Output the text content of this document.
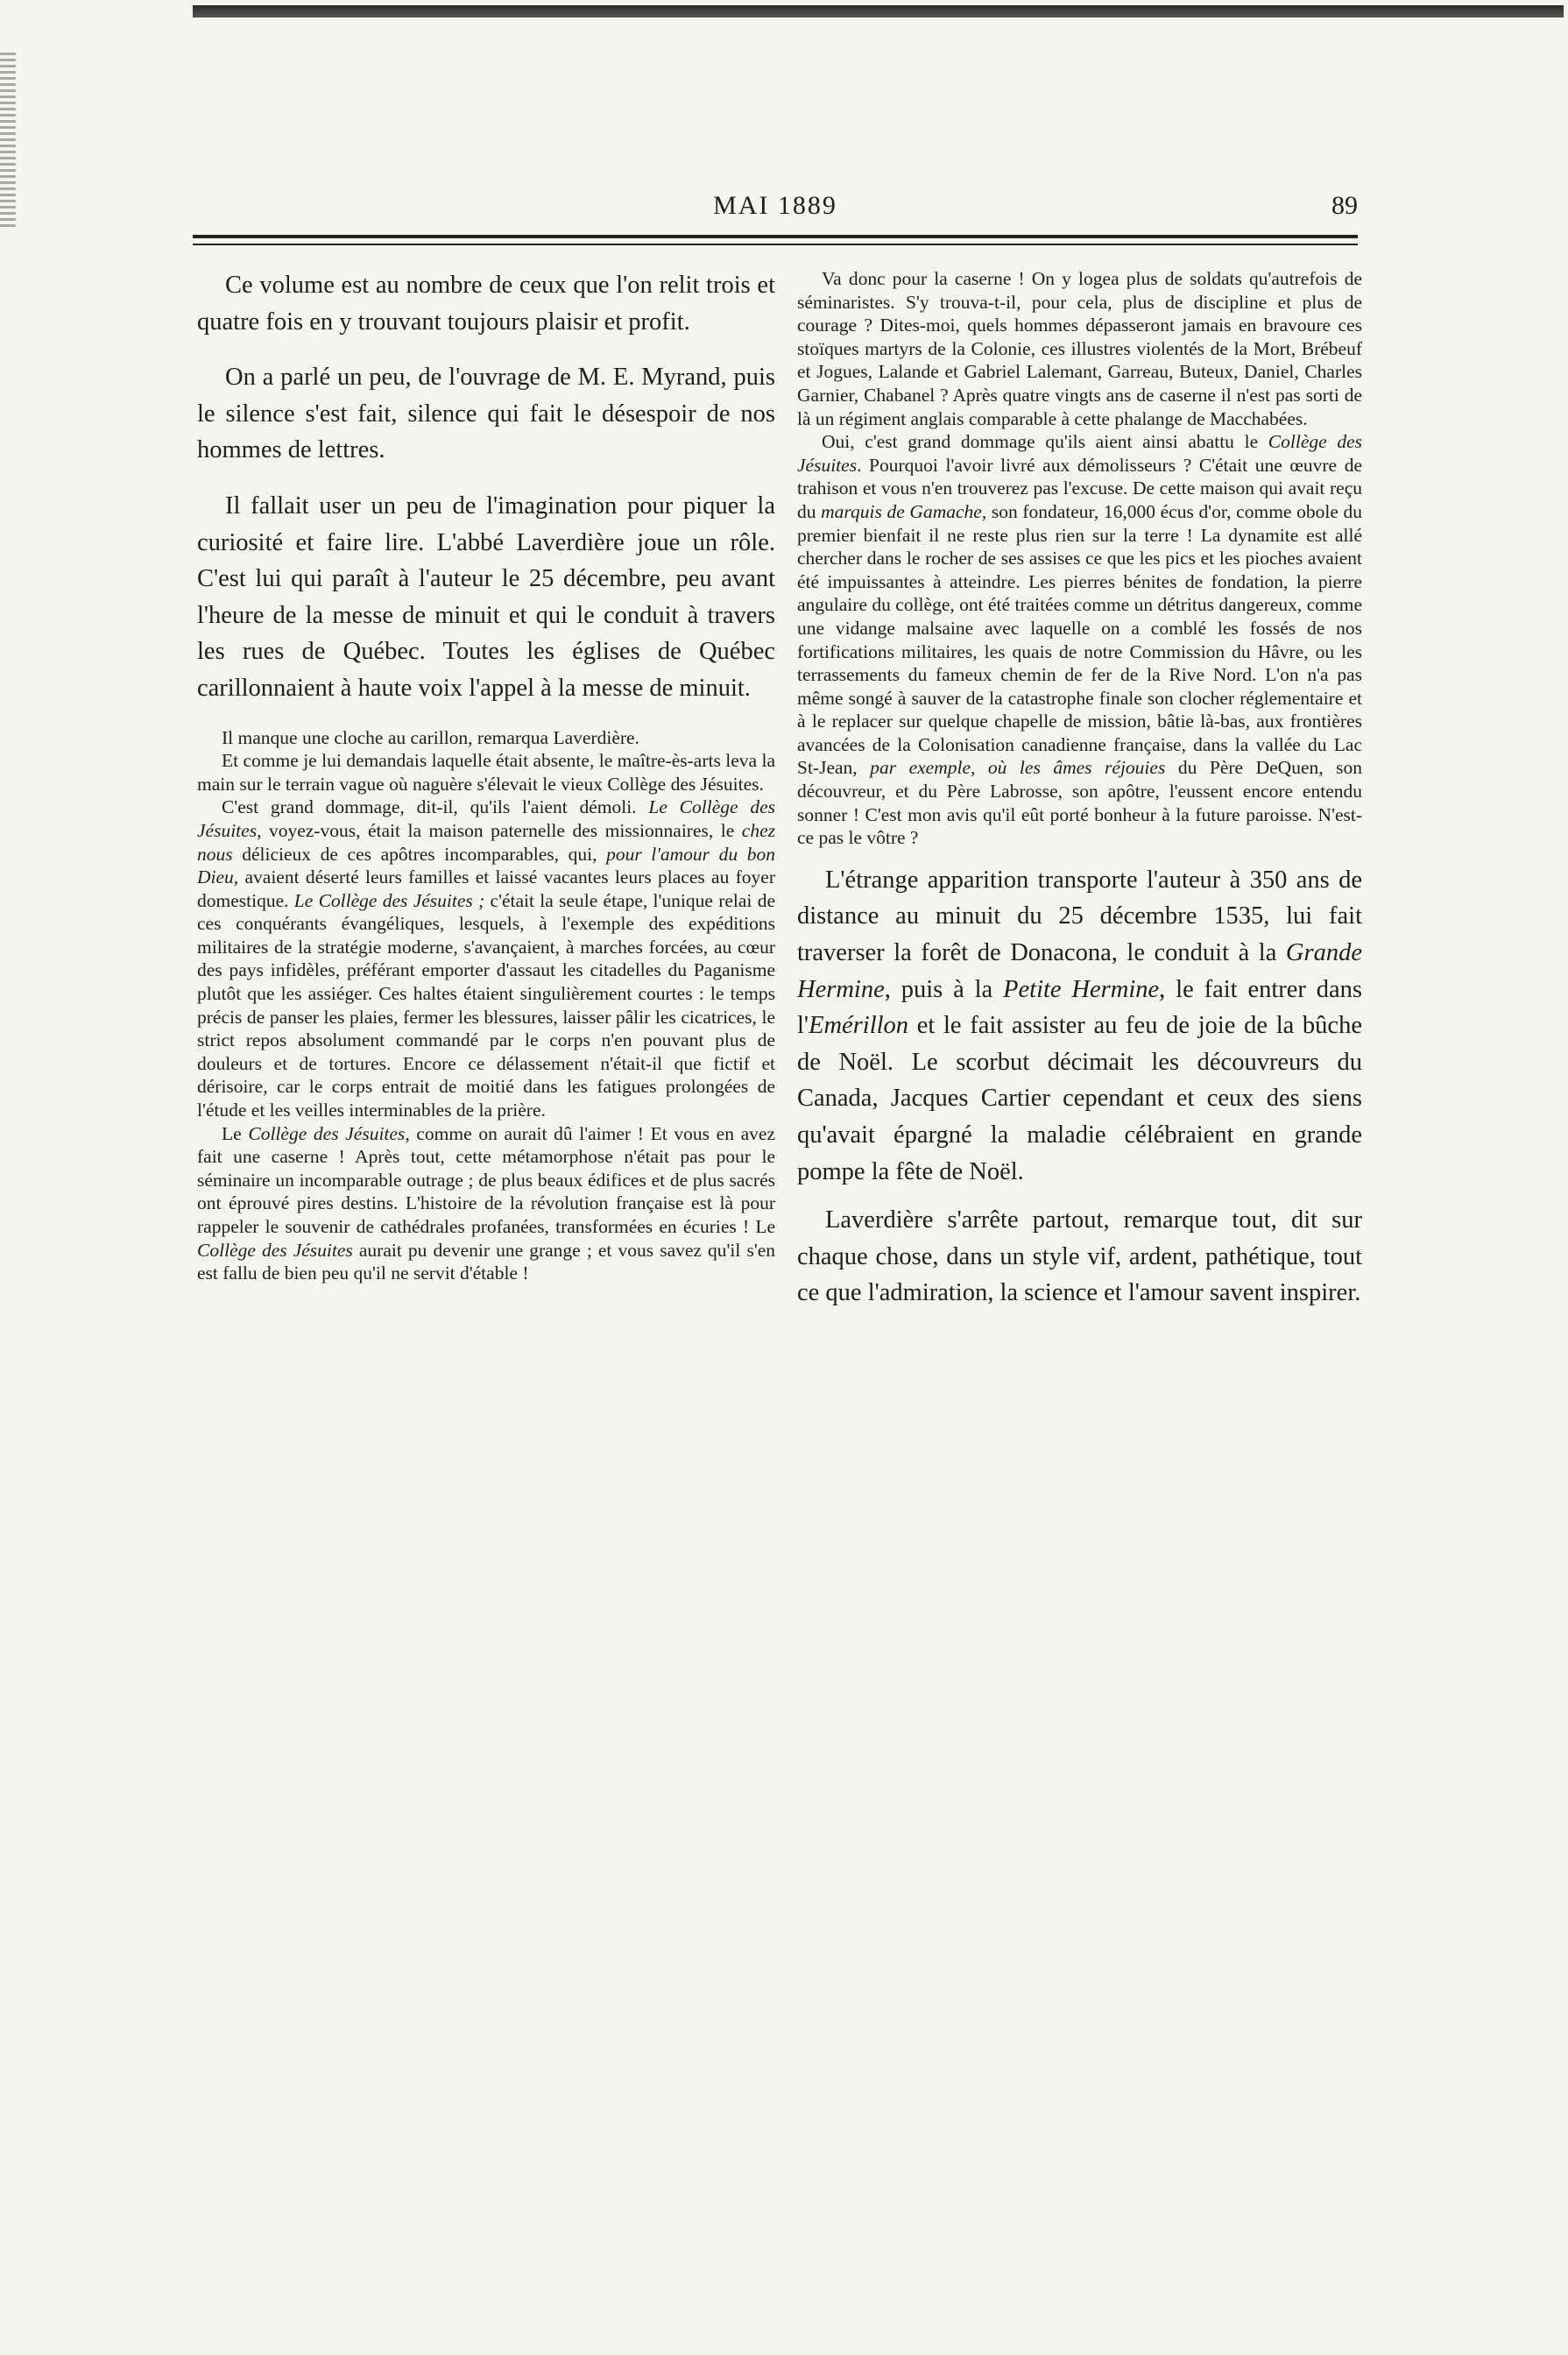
MAI 1889	89

Ce volume est au nombre de ceux que l'on relit trois et quatre fois en y trouvant toujours plaisir et profit.

On a parlé un peu, de l'ouvrage de M. E. Myrand, puis le silence s'est fait, silence qui fait le désespoir de nos hommes de lettres.

Il fallait user un peu de l'imagination pour piquer la curiosité et faire lire. L'abbé Laverdière joue un rôle. C'est lui qui paraît à l'auteur le 25 décembre, peu avant l'heure de la messe de minuit et qui le conduit à travers les rues de Québec. Toutes les églises de Québec carillonnaient à haute voix l'appel à la messe de minuit.

Il manque une cloche au carillon, remarqua Laverdière.

Et comme je lui demandais laquelle était absente, le maître-ès-arts leva la main sur le terrain vague où naguère s'élevait le vieux Collège des Jésuites.

C'est grand dommage, dit-il, qu'ils l'aient démoli. Le Collège des Jésuites, voyez-vous, était la maison paternelle des missionnaires, le chez nous délicieux de ces apôtres incomparables, qui, pour l'amour du bon Dieu, avaient déserté leurs familles et laissé vacantes leurs places au foyer domestique. Le Collège des Jésuites ; c'était la seule étape, l'unique relai de ces conquérants évangéliques, lesquels, à l'exemple des expéditions militaires de la stratégie moderne, s'avançaient, à marches forcées, au cœur des pays infidèles, préférant emporter d'assaut les citadelles du Paganisme plutôt que les assiéger. Ces haltes étaient singulièrement courtes : le temps précis de panser les plaies, fermer les blessures, laisser pâlir les cicatrices, le strict repos absolument commandé par le corps n'en pouvant plus de douleurs et de tortures. Encore ce délassement n'était-il que fictif et dérisoire, car le corps entrait de moitié dans les fatigues prolongées de l'étude et les veilles interminables de la prière.

Le Collège des Jésuites, comme on aurait dû l'aimer ! Et vous en avez fait une caserne ! Après tout, cette métamorphose n'était pas pour le séminaire un incomparable outrage ; de plus beaux édifices et de plus sacrés ont éprouvé pires destins. L'histoire de la révolution française est là pour rappeler le souvenir de cathédrales profanées, transformées en écuries ! Le Collège des Jésuites aurait pu devenir une grange ; et vous savez qu'il s'en est fallu de bien peu qu'il ne servit d'étable !

Va donc pour la caserne ! On y logea plus de soldats qu'autrefois de séminaristes. S'y trouva-t-il, pour cela, plus de discipline et plus de courage ? Dites-moi, quels hommes dépasseront jamais en bravoure ces stoïques martyrs de la Colonie, ces illustres violentés de la Mort, Brébeuf et Jogues, Lalande et Gabriel Lalemant, Garreau, Buteux, Daniel, Charles Garnier, Chabanel ? Après quatre vingts ans de caserne il n'est pas sorti de là un régiment anglais comparable à cette phalange de Macchabées.

Oui, c'est grand dommage qu'ils aient ainsi abattu le Collège des Jésuites. Pourquoi l'avoir livré aux démolisseurs ? C'était une œuvre de trahison et vous n'en trouverez pas l'excuse. De cette maison qui avait reçu du marquis de Gamache, son fondateur, 16,000 écus d'or, comme obole du premier bienfait il ne reste plus rien sur la terre ! La dynamite est allé chercher dans le rocher de ses assises ce que les pics et les pioches avaient été impuissantes à atteindre. Les pierres bénites de fondation, la pierre angulaire du collège, ont été traitées comme un détritus dangereux, comme une vidange malsaine avec laquelle on a comblé les fossés de nos fortifications militaires, les quais de notre Commission du Hâvre, ou les terrassements du fameux chemin de fer de la Rive Nord. L'on n'a pas même songé à sauver de la catastrophe finale son clocher réglementaire et à le replacer sur quelque chapelle de mission, bâtie là-bas, aux frontières avancées de la Colonisation canadienne française, dans la vallée du Lac St-Jean, par exemple, où les âmes réjouies du Père DeQuen, son découvreur, et du Père Labrosse, son apôtre, l'eussent encore entendu sonner ! C'est mon avis qu'il eût porté bonheur à la future paroisse. N'est-ce pas le vôtre ?

L'étrange apparition transporte l'auteur à 350 ans de distance au minuit du 25 décembre 1535, lui fait traverser la forêt de Donacona, le conduit à la Grande Hermine, puis à la Petite Hermine, le fait entrer dans l'Emérillon et le fait assister au feu de joie de la bûche de Noël. Le scorbut décimait les découvreurs du Canada, Jacques Cartier cependant et ceux des siens qu'avait épargné la maladie célébraient en grande pompe la fête de Noël.

Laverdière s'arrête partout, remarque tout, dit sur chaque chose, dans un style vif, ardent, pathétique, tout ce que l'admiration, la science et l'amour savent inspirer.
